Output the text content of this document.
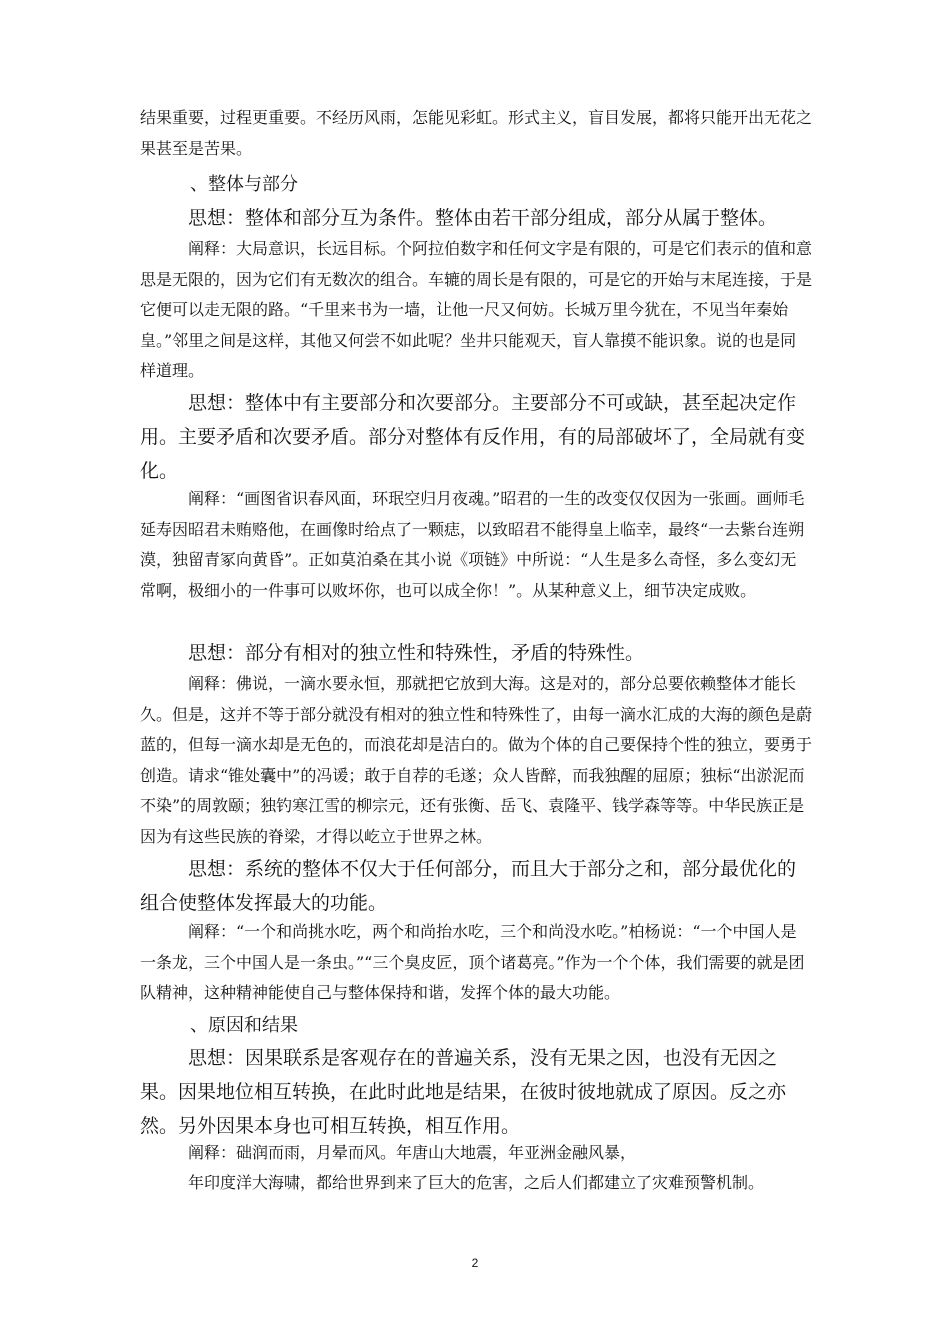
结果重要，过程更重要。不经历风雨，怎能见彩虹。形式主义，盲目发展，都将只能开出无花之果甚至是苦果。

、整体与部分

思想：整体和部分互为条件。整体由若干部分组成，部分从属于整体。

阐释：大局意识，长远目标。个阿拉伯数字和任何文字是有限的，可是它们表示的值和意思是无限的，因为它们有无数次的组合。车辘的周长是有限的，可是它的开始与末尾连接，于是它便可以走无限的路。“千里来书为一墙，让他一尺又何妨。长城万里今犹在，不见当年秦始皇。”邻里之间是这样，其他又何尝不如此呢？坐井只能观天，盲人靠摸不能识象。说的也是同样道理。

思想：整体中有主要部分和次要部分。主要部分不可或缺，甚至起决定作用。主要矛盾和次要矛盾。部分对整体有反作用，有的局部破坏了，全局就有变化。

阐释：“画图省识春风面，环珉空归月夜魂。”昭君的一生的改变仅仅因为一张画。画师毛延寿因昭君未贿赂他，在画像时给点了一颗痣，以致昭君不能得皇上临幸，最终“一去紫台连朔漠，独留青冢向黄昏”。正如莫泊桑在其小说《项链》中所说：“人生是多么奇怪，多么变幻无常啊，极细小的一件事可以败坏你，也可以成全你！”。从某种意义上，细节决定成败。

思想：部分有相对的独立性和特殊性，矛盾的特殊性。

阐释：佛说，一滴水要永恒，那就把它放到大海。这是对的，部分总要依赖整体才能长久。但是，这并不等于部分就没有相对的独立性和特殊性了，由每一滴水汇成的大海的颜色是蔚蓝的，但每一滴水却是无色的，而浪花却是洁白的。做为个体的自己要保持个性的独立，要勇于创造。请求“锥处囊中”的冯谖；敢于自荐的毛遂；众人皆醉，而我独醒的屈原；独标“出淤泥而不染”的周敦颐；独钓寒江雪的柳宗元，还有张衡、岳飞、袁隆平、钱学森等等。中华民族正是因为有这些民族的脊梁，才得以屹立于世界之林。

思想：系统的整体不仅大于任何部分，而且大于部分之和，部分最优化的组合使整体发挥最大的功能。

阐释：“一个和尚挑水吃，两个和尚抬水吃，三个和尚没水吃。”柏杨说：“一个中国人是一条龙，三个中国人是一条虫。”“三个臭皮匠，顶个诸葛亮。”作为一个个体，我们需要的就是团队精神，这种精神能使自己与整体保持和谐，发挥个体的最大功能。

、原因和结果

思想：因果联系是客观存在的普遍关系，没有无果之因，也没有无因之果。因果地位相互转换，在此时此地是结果，在彼时彼地就成了原因。反之亦然。另外因果本身也可相互转换，相互作用。

阐释：础润而雨，月晕而风。年唐山大地震，年亚洲金融风暴，

年印度洋大海啸，都给世界到来了巨大的危害，之后人们都建立了灾难预警机制。

2
